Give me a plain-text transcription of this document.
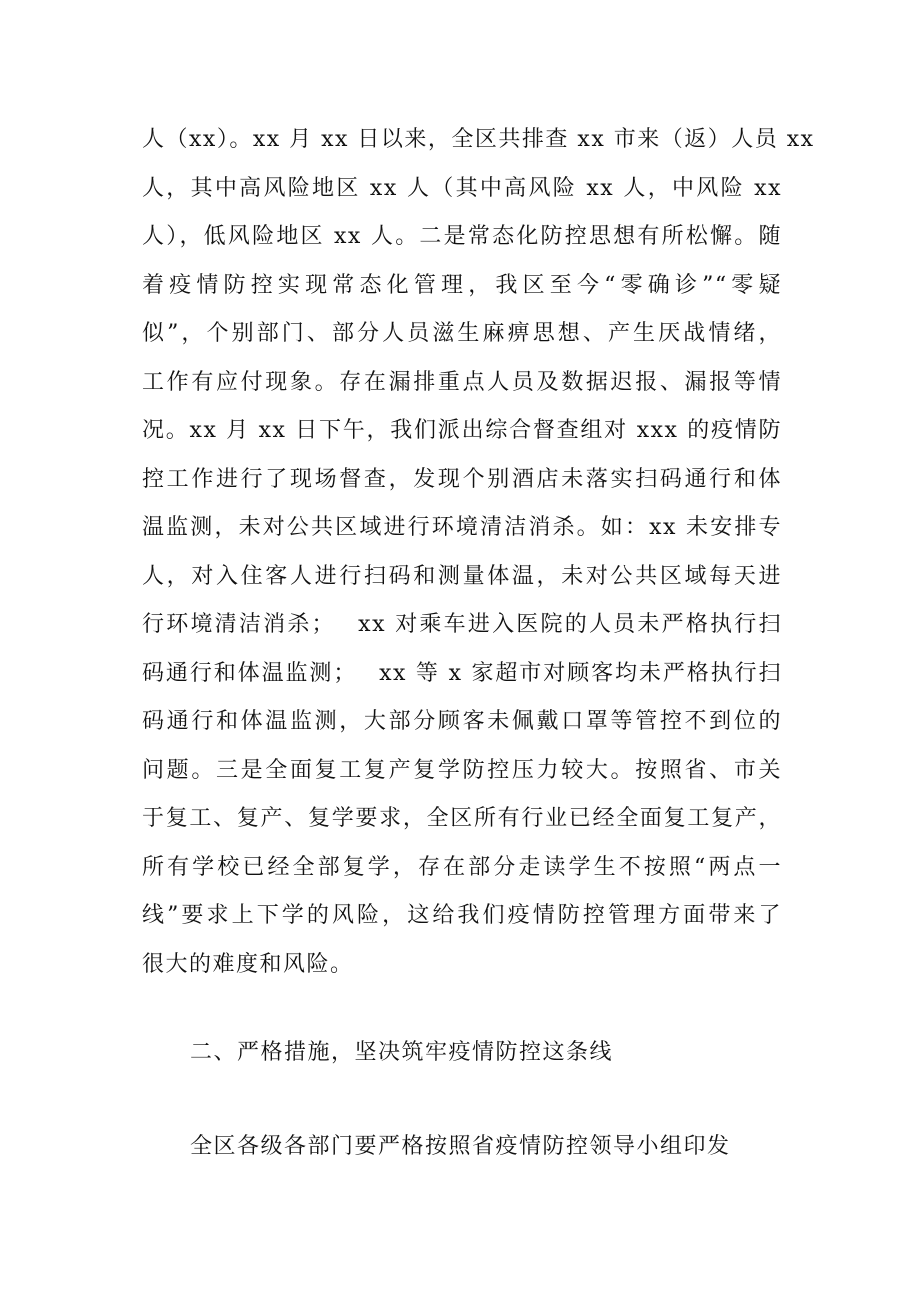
人（xx）。xx 月 xx 日以来，全区共排查 xx 市来（返）人员 xx
人，其中高风险地区 xx 人（其中高风险 xx 人，中风险 xx
人），低风险地区 xx 人。二是常态化防控思想有所松懈。随
着疫情防控实现常态化管理，我区至今“零确诊”“零疑
似”，个别部门、部分人员滋生麻痹思想、产生厌战情绪，
工作有应付现象。存在漏排重点人员及数据迟报、漏报等情
况。xx 月 xx 日下午，我们派出综合督查组对 xxx 的疫情防
控工作进行了现场督查，发现个别酒店未落实扫码通行和体
温监测，未对公共区域进行环境清洁消杀。如：xx 未安排专
人，对入住客人进行扫码和测量体温，未对公共区域每天进
行环境清洁消杀；　 xx 对乘车进入医院的人员未严格执行扫
码通行和体温监测；　 xx 等 x 家超市对顾客均未严格执行扫
码通行和体温监测，大部分顾客未佩戴口罩等管控不到位的
问题。三是全面复工复产复学防控压力较大。按照省、市关
于复工、复产、复学要求，全区所有行业已经全面复工复产，
所有学校已经全部复学，存在部分走读学生不按照“两点一
线”要求上下学的风险，这给我们疫情防控管理方面带来了
很大的难度和风险。
二、严格措施，坚决筑牢疫情防控这条线
全区各级各部门要严格按照省疫情防控领导小组印发
